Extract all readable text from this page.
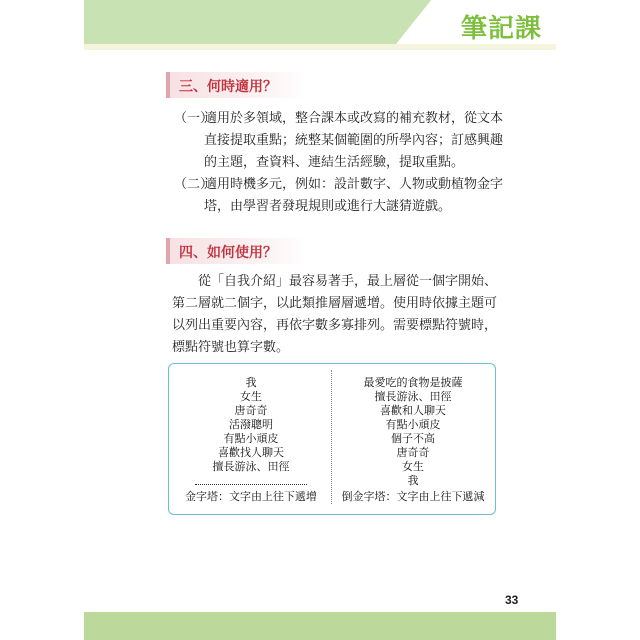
筆記課
三、何時適用？
（一）
適用於多領域，整合課本或改寫的補充教材，從文本直接提取重點；統整某個範圍的所學內容；訂感興趣的主題，查資料、連結生活經驗，提取重點。
（二）
適用時機多元，例如：設計數字、人物或動植物金字塔，由學習者發現規則或進行大謎猜遊戲。
四、如何使用？
從「自我介紹」最容易著手，最上層從一個字開始、第二層就二個字，以此類推層層遞增。使用時依據主題可以列出重要內容，再依字數多寡排列。需要標點符號時，標點符號也算字數。
我
女生
唐奇奇
活潑聰明
有點小頑皮
喜歡找人聊天
擅長游泳、田徑
金字塔：文字由上往下遞增
最愛吃的食物是披薩
擅長游泳、田徑
喜歡和人聊天
有點小頑皮
個子不高
唐奇奇
女生
我
倒金字塔：文字由上往下遞減
33
